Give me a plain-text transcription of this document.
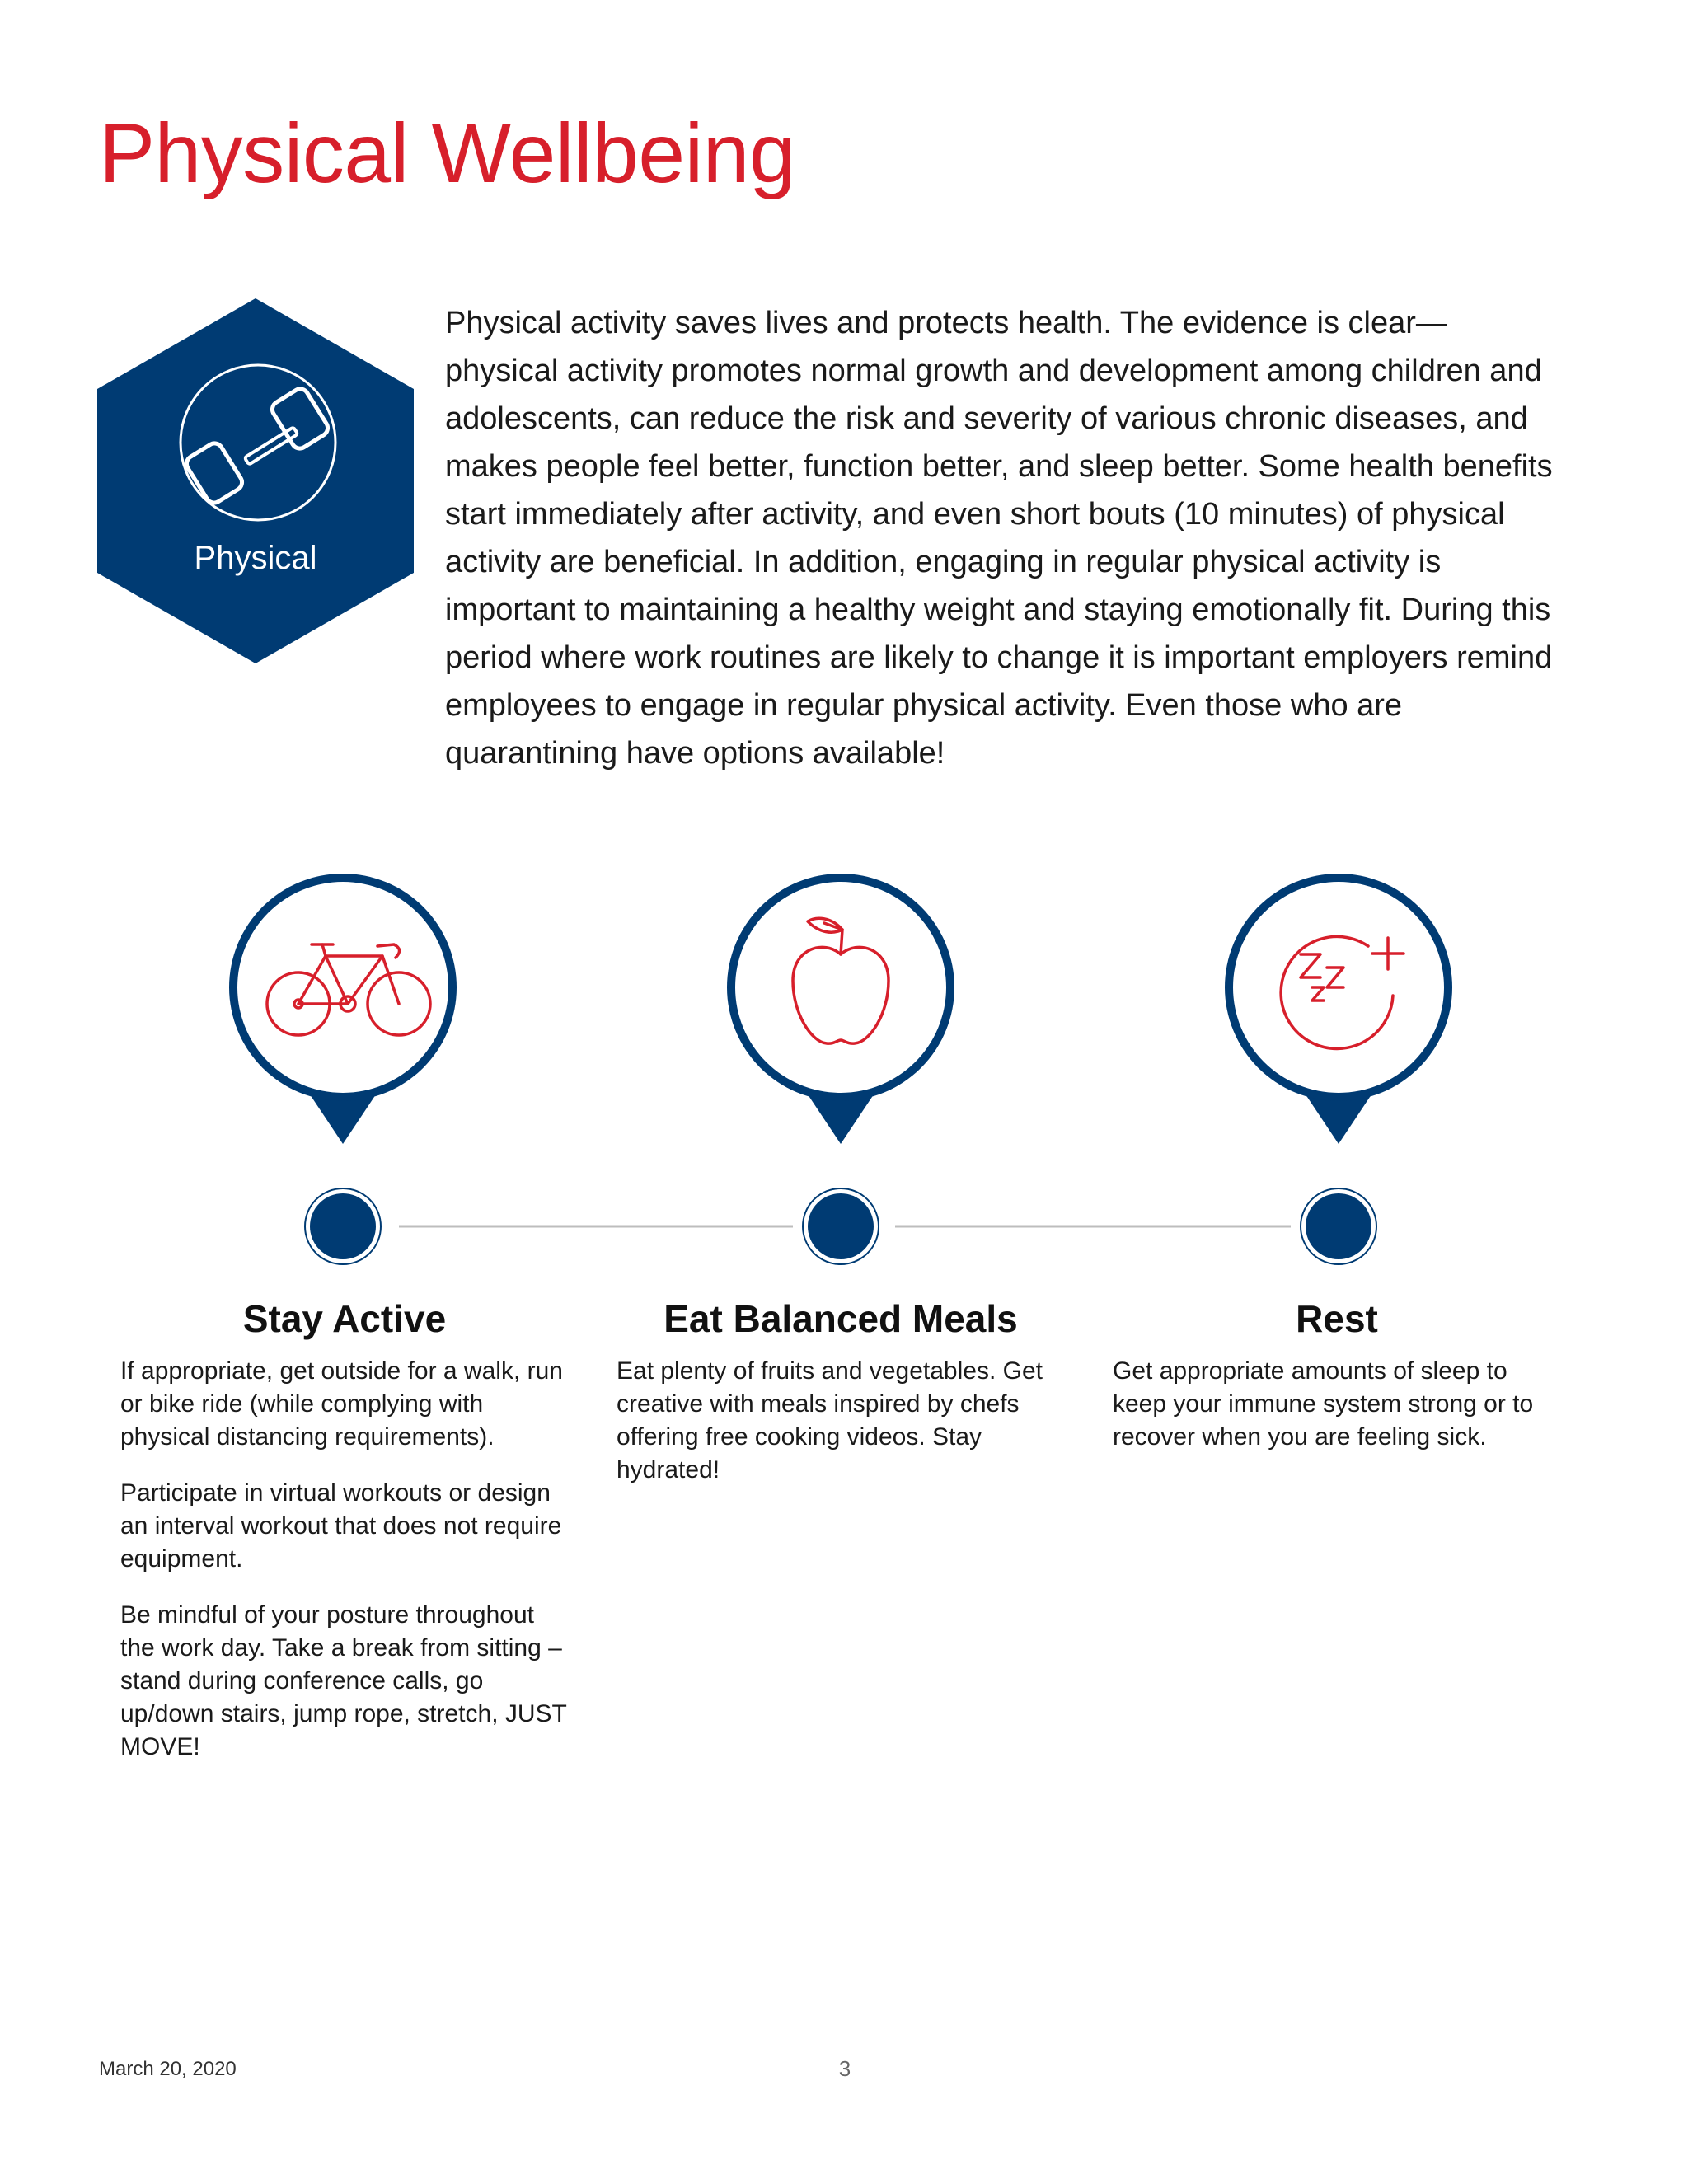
Physical Wellbeing
Physical

Physical activity saves lives and protects health. The evidence is clear—physical activity promotes normal growth and development among children and adolescents, can reduce the risk and severity of various chronic diseases, and makes people feel better, function better, and sleep better. Some health benefits start immediately after activity, and even short bouts (10 minutes) of physical activity are beneficial. In addition, engaging in regular physical activity is important to maintaining a healthy weight and staying emotionally fit. During this period where work routines are likely to change it is important employers remind employees to engage in regular physical activity. Even those who are quarantining have options available!

Stay Active

If appropriate, get outside for a walk, run or bike ride (while complying with physical distancing requirements).

Participate in virtual workouts or design an interval workout that does not require equipment.

Be mindful of your posture throughout the work day. Take a break from sitting – stand during conference calls, go up/down stairs, jump rope, stretch, JUST MOVE!

Eat Balanced Meals

Eat plenty of fruits and vegetables. Get creative with meals inspired by chefs offering free cooking videos. Stay hydrated!

Rest

Get appropriate amounts of sleep to keep your immune system strong or to recover when you are feeling sick.

March 20, 2020	3
